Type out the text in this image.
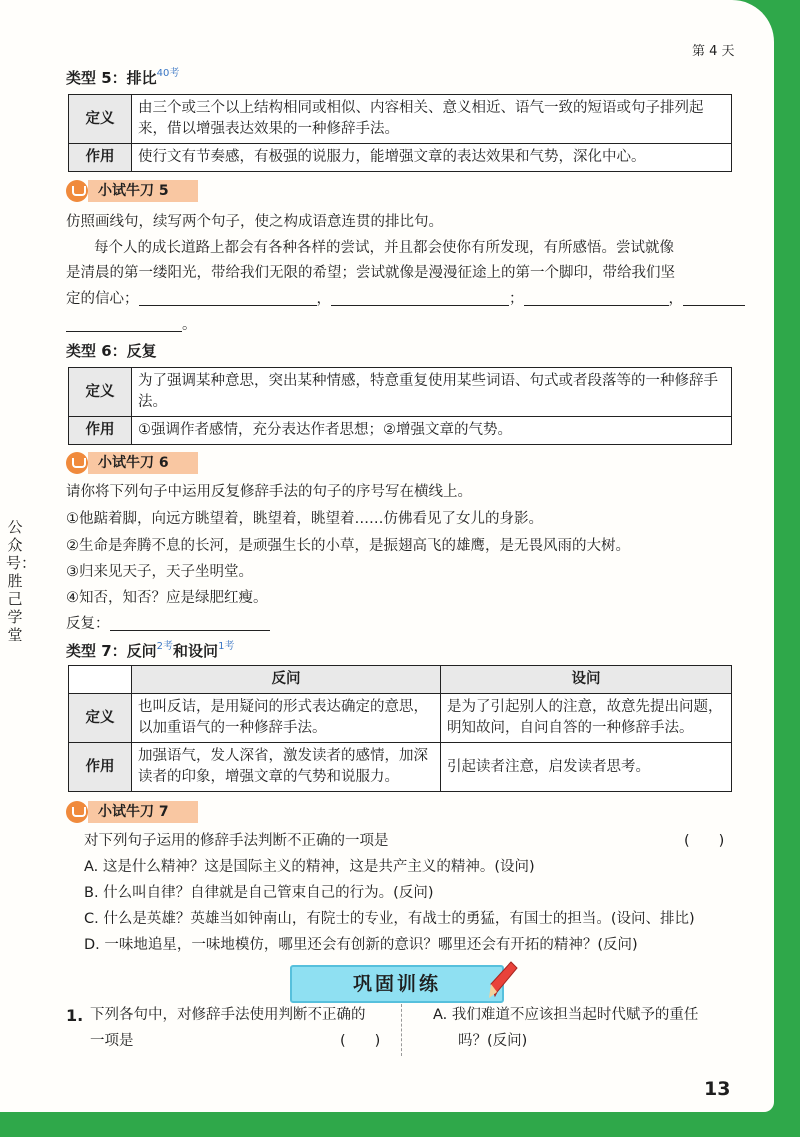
第 4 天
公众号：胜己学堂
类型 5：排比$^{40考}$
定义	由三个或三个以上结构相同或相似、内容相关、意义相近、语气一致的短语或句子排列起来，借以增强表达效果的一种修辞手法。
作用	使行文有节奏感，有极强的说服力，能增强文章的表达效果和气势，深化中心。
小试牛刀 5
仿照画线句，续写两个句子，使之构成语意连贯的排比句。
每个人的成长道路上都会有各种各样的尝试，并且都会使你有所发现，有所感悟。尝试就像
是清晨的第一缕阳光，带给我们无限的希望；尝试就像是漫漫征途上的第一个脚印，带给我们坚
定的信心；	，	；	，
。
类型 6：反复
定义	为了强调某种意思，突出某种情感，特意重复使用某些词语、句式或者段落等的一种修辞手法。
作用	①强调作者感情，充分表达作者思想；②增强文章的气势。
小试牛刀 6
请你将下列句子中运用反复修辞手法的句子的序号写在横线上。
①他踮着脚，向远方眺望着，眺望着，眺望着……仿佛看见了女儿的身影。
②生命是奔腾不息的长河，是顽强生长的小草，是振翅高飞的雄鹰，是无畏风雨的大树。
③归来见天子，天子坐明堂。
④知否，知否？应是绿肥红瘦。
反复：
类型 7：反问$^{2考}$和设问$^{1考}$
	反问	设问
定义	也叫反诘，是用疑问的形式表达确定的意思，以加重语气的一种修辞手法。	是为了引起别人的注意，故意先提出问题，明知故问，自问自答的一种修辞手法。
作用	加强语气，发人深省，激发读者的感情，加深读者的印象，增强文章的气势和说服力。	引起读者注意，启发读者思考。
小试牛刀 7
对下列句子运用的修辞手法判断不正确的一项是	(　　)
A. 这是什么精神？这是国际主义的精神，这是共产主义的精神。(设问)
B. 什么叫自律？自律就是自己管束自己的行为。(反问)
C. 什么是英雄？英雄当如钟南山，有院士的专业，有战士的勇猛，有国士的担当。(设问、排比)
D. 一味地追星，一味地模仿，哪里还会有创新的意识？哪里还会有开拓的精神？(反问)
巩固训练
1. 下列各句中，对修辞手法使用判断不正确的
一项是	(　　)
A. 我们难道不应该担当起时代赋予的重任
吗？(反问)
13
